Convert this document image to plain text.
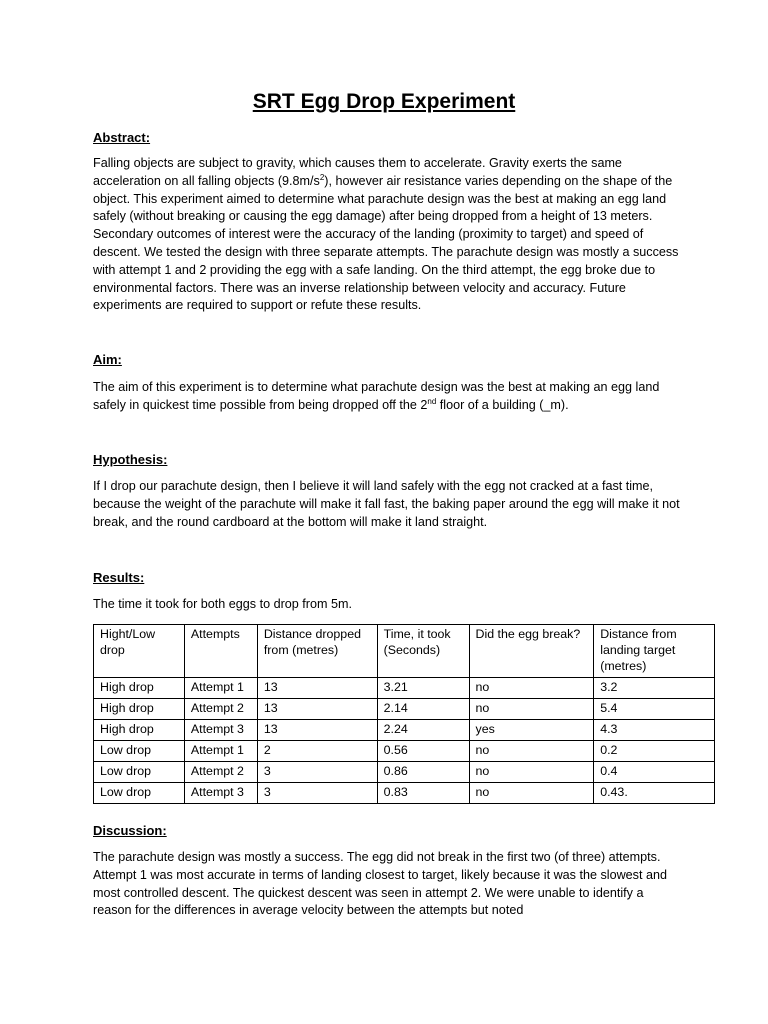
SRT Egg Drop Experiment
Abstract:
Falling objects are subject to gravity, which causes them to accelerate. Gravity exerts the same acceleration on all falling objects $(9.8m/s^2)$, however air resistance varies depending on the shape of the object. This experiment aimed to determine what parachute design was the best at making an egg land safely (without breaking or causing the egg damage) after being dropped from a height of 13 meters. Secondary outcomes of interest were the accuracy of the landing (proximity to target) and speed of descent. We tested the design with three separate attempts. The parachute design was mostly a success with attempt 1 and 2 providing the egg with a safe landing. On the third attempt, the egg broke due to environmental factors. There was an inverse relationship between velocity and accuracy. Future experiments are required to support or refute these results.
Aim:
The aim of this experiment is to determine what parachute design was the best at making an egg land safely in quickest time possible from being dropped off the 2nd floor of a building (_m).
Hypothesis:
If I drop our parachute design, then I believe it will land safely with the egg not cracked at a fast time, because the weight of the parachute will make it fall fast, the baking paper around the egg will make it not break, and the round cardboard at the bottom will make it land straight.
Results:
The time it took for both eggs to drop from 5m.
Hight/Low drop	Attempts	Distance dropped from (metres)	Time, it took (Seconds)	Did the egg break?	Distance from landing target (metres)
High drop	Attempt 1	13	3.21	no	3.2
High drop	Attempt 2	13	2.14	no	5.4
High drop	Attempt 3	13	2.24	yes	4.3
Low drop	Attempt 1	2	0.56	no	0.2
Low drop	Attempt 2	3	0.86	no	0.4
Low drop	Attempt 3	3	0.83	no	0.43.
Discussion:
The parachute design was mostly a success. The egg did not break in the first two (of three) attempts. Attempt 1 was most accurate in terms of landing closest to target, likely because it was the slowest and most controlled descent. The quickest descent was seen in attempt 2. We were unable to identify a reason for the differences in average velocity between the attempts but noted
